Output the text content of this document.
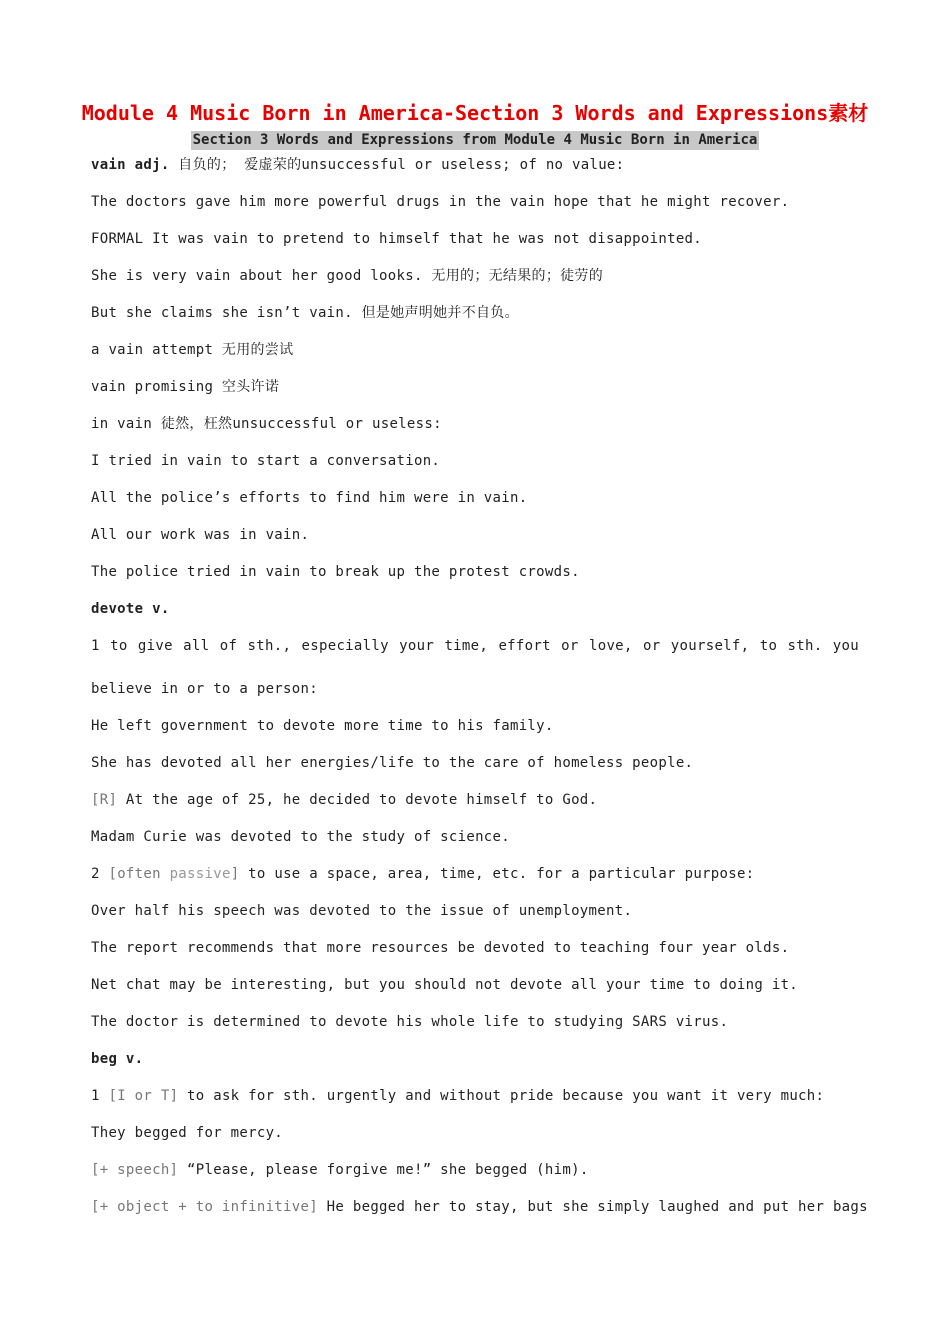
Module 4 Music Born in America-Section 3 Words and Expressions素材
Section 3 Words and Expressions from Module 4 Music Born in America
vain adj. 自负的； 爱虚荣的unsuccessful or useless; of no value:
The doctors gave him more powerful drugs in the vain hope that he might recover.
FORMAL It was vain to pretend to himself that he was not disappointed.
She is very vain about her good looks. 无用的；无结果的；徒劳的
But she claims she isn’t vain. 但是她声明她并不自负。
a vain attempt 无用的尝试
vain promising 空头许诺
in vain 徒然，枉然unsuccessful or useless:
I tried in vain to start a conversation.
All the police’s efforts to find him were in vain.
All our work was in vain.
The police tried in vain to break up the protest crowds.
devote v.
1 to give all of sth., especially your time, effort or love, or yourself, to sth. you
believe in or to a person:
He left government to devote more time to his family.
She has devoted all her energies/life to the care of homeless people.
[R] At the age of 25, he decided to devote himself to God.
Madam Curie was devoted to the study of science.
2 [often passive] to use a space, area, time, etc. for a particular purpose:
Over half his speech was devoted to the issue of unemployment.
The report recommends that more resources be devoted to teaching four year olds.
Net chat may be interesting, but you should not devote all your time to doing it.
The doctor is determined to devote his whole life to studying SARS virus.
beg v.
1 [I or T] to ask for sth. urgently and without pride because you want it very much:
They begged for mercy.
[+ speech] “Please, please forgive me!” she begged (him).
[+ object + to infinitive] He begged her to stay, but she simply laughed and put her bags
